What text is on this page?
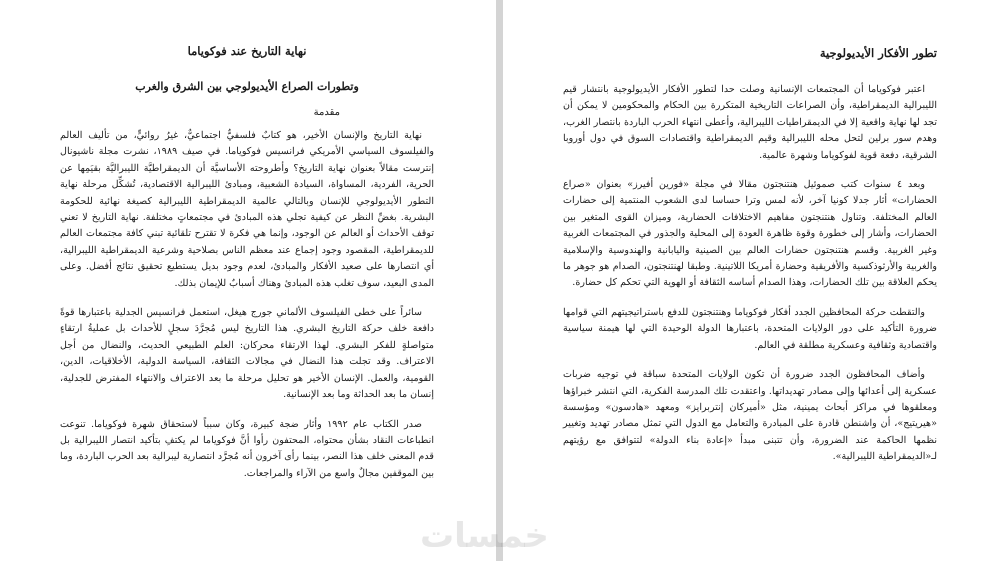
نهاية التاريخ عند فوكوياما
وتطورات الصراع الأيديولوجي بين الشرق والغرب
مقدمة

نهاية التاريخ والإنسان الأخير، هو كتابٌ فلسفيٌّ اجتماعيٌّ، غيرُ روائيٍّ، من تأليف العالم والفيلسوف السياسي الأمريكي فرانسيس فوكوياما. في صيف ١٩٨٩، نشرت مجلة ناشيونال إنترست مقالاً بعنوان نهاية التاريخ؟ وأطروحته الأساسيَّة أن الديمقراطيَّة الليبراليَّة بقيَمِها عن الحرية، الفردية، المساواة، السيادة الشعبية، ومبادئ الليبرالية الاقتصادية، تُشكِّل مرحلة نهاية التطور الأيديولوجي للإنسان وبالتالي عالمية الديمقراطية الليبرالية كصيغة نهائية للحكومة البشرية. بغضِّ النظر عن كيفية تجلي هذه المبادئ في مجتمعاتٍ مختلفة. نهاية التاريخ لا تعني توقف الأحداث أو العالم عن الوجود، وإنما هي فكرة لا تقترح تلقائية تبني كافة مجتمعات العالم للديمقراطية، المقصود وجود إجماع عند معظم الناس بصلاحية وشرعية الديمقراطية الليبرالية، أي انتصارها على صعيد الأفكار والمبادئ، لعدم وجود بديل يستطيع تحقيق نتائج أفضل. وعلى المدى البعيد، سوف تغلب هذه المبادئ وهناك أسبابٌ للإيمان بذلك.

سائراً على خطى الفيلسوف الألماني جورج هيغل، استعمل فرانسيس الجدلية باعتبارها قوةً دافعة خلف حركة التاريخ البشري. هذا التاريخ ليس مُجرَّدَ سجلٍ للأحداث بل عمليةُ ارتقاءٍ متواصلةٍ للفكر البشري. لهذا الارتقاء محركان: العلم الطبيعي الحديث، والنضال من أجل الاعتراف. وقد تجلت هذا النضال في مجالات الثقافة، السياسة الدولية، الأخلاقيات، الدين، القومية، والعمل. الإنسان الأخير هو تحليل مرحلة ما بعد الاعتراف والانتهاء المفترض للجدلية، إنسان ما بعد الحداثة وما بعد الإنسانية.

صدر الكتاب عام ١٩٩٢ وأثار ضجة كبيرة، وكان سبباً لاستحقاق شهرة فوكوياما. تنوعت انطباعات النقاد بشأن محتواه، المحتفون رأوا أنَّ فوكوياما لم يكتفِ بتأكيد انتصار الليبرالية بل قدم المعنى خلف هذا النصر، بينما رأى آخرون أنه مُجرَّد انتصارية ليبرالية بعد الحرب الباردة، وما بين الموقفين مجالٌ واسع من الآراء والمراجعات.

تطور الأفكار الأيديولوجية

اعتبر فوكوياما أن المجتمعات الإنسانية وصلت حدا لتطور الأفكار الأيديولوجية بانتشار قيم الليبرالية الديمقراطية، وأن الصراعات التاريخية المتكررة بين الحكام والمحكومين لا يمكن أن تجد لها نهاية واقعية إلا في الديمقراطيات الليبرالية، وأعطى انتهاء الحرب الباردة بانتصار الغرب، وهدم سور برلين لتحل محله الليبرالية وقيم الديمقراطية واقتصادات السوق في دول أوروبا الشرقية، دفعة قوية لفوكوياما وشهرة عالمية.

وبعد ٤ سنوات كتب صموئيل هنتنجتون مقالا في مجلة «فورين أفيرز» بعنوان «صراع الحضارات» أثار جدلا كونيا آخر، لأنه لمس وترا حساسا لدى الشعوب المنتمية إلى حضارات العالم المختلفة. وتناول هنتنجتون مفاهيم الاختلافات الحضارية، وميزان القوى المتغير بين الحضارات، وأشار إلى خطورة وقوة ظاهرة العودة إلى المحلية والجذور في المجتمعات الغربية وغير الغربية. وقسم هنتنجتون حضارات العالم بين الصينية واليابانية والهندوسية والإسلامية والغربية والأرثوذكسية والأفريقية وحضارة أمريكا اللاتينية. وطبقا لهنتنجتون، الصدام هو جوهر ما يحكم العلاقة بين تلك الحضارات، وهذا الصدام أساسه الثقافة أو الهوية التي تحكم كل حضارة.

والتقطت حركة المحافظين الجدد أفكار فوكوياما وهنتنجتون للدفع باستراتيجيتهم التي قوامها ضرورة التأكيد على دور الولايات المتحدة، باعتبارها الدولة الوحيدة التي لها هيمنة سياسية واقتصادية وثقافية وعسكرية مطلقة في العالم.

وأضاف المحافظون الجدد ضرورة أن تكون الولايات المتحدة سباقة في توجيه ضربات عسكرية إلى أعدائها وإلى مصادر تهديداتها. واعتقدت تلك المدرسة الفكرية، التي انتشر خبراؤها ومعلقوها في مراكز أبحاث يمينية، مثل «أميركان إنتربرايز» ومعهد «هادسون» ومؤسسة «هيريتيج»، أن واشنطن قادرة على المبادرة والتعامل مع الدول التي تمثل مصادر تهديد وتغيير نظمها الحاكمة عند الضرورة، وأن تتبنى مبدأ «إعادة بناء الدولة» لتتوافق مع رؤيتهم لـ«الديمقراطية الليبرالية».

خمسات
